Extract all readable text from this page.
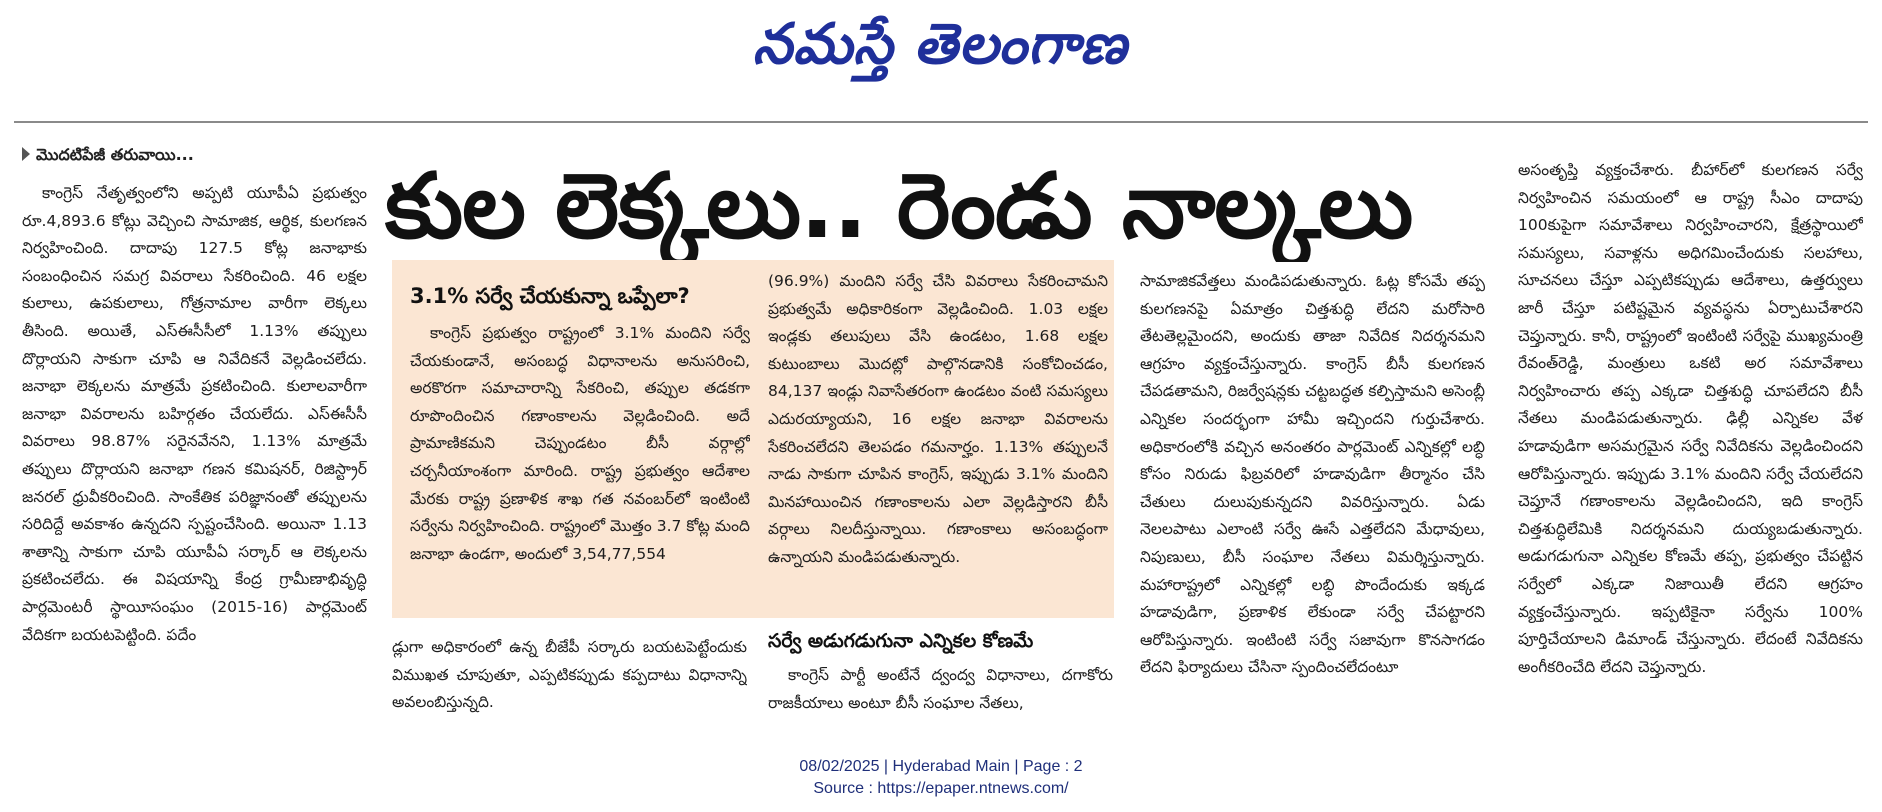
నమస్తే తెలంగాణ
మొదటిపేజీ తరువాయి...

కాంగ్రెస్ నేతృత్వంలోని అప్పటి యూపీఏ ప్రభుత్వం రూ.4,893.6 కోట్లు వెచ్చించి సామాజిక, ఆర్థిక, కులగణన నిర్వహించింది. దాదాపు 127.5 కోట్ల జనాభాకు సంబంధించిన సమగ్ర వివరాలు సేకరించింది. 46 లక్షల కులాలు, ఉపకులాలు, గోత్రనామాల వారీగా లెక్కలు తీసింది. అయితే, ఎస్ఈసీసీలో 1.13% తప్పులు దొర్లాయని సాకుగా చూపి ఆ నివేదికనే వెల్లడించలేదు. జనాభా లెక్కలను మాత్రమే ప్రకటించింది. కులాలవారీగా జనాభా వివరాలను బహిర్గతం చేయలేదు. ఎస్ఈసీసీ వివరాలు 98.87% సరైనవేనని, 1.13% మాత్రమే తప్పులు దొర్లాయని జనాభా గణన కమిషనర్, రిజిస్ట్రార్ జనరల్ ధ్రువీకరించింది. సాంకేతిక పరిజ్ఞానంతో తప్పులను సరిదిద్దే అవకాశం ఉన్నదని స్పష్టంచేసింది. అయినా 1.13 శాతాన్ని సాకుగా చూపి యూపీఏ సర్కార్ ఆ లెక్కలను ప్రకటించలేదు. ఈ విషయాన్ని కేంద్ర గ్రామీణాభివృద్ధి పార్లమెంటరీ స్థాయీసంఘం (2015-16) పార్లమెంట్ వేదికగా బయటపెట్టింది. పదేం

కుల లెక్కలు.. రెండు నాల్కలు
3.1% సర్వే చేయకున్నా ఒప్పేలా?

కాంగ్రెస్ ప్రభుత్వం రాష్ట్రంలో 3.1% మందిని సర్వే చేయకుండానే, అసంబద్ధ విధానాలను అనుసరించి, అరకొరగా సమాచారాన్ని సేకరించి, తప్పుల తడకగా రూపొందించిన గణాంకాలను వెల్లడించింది. అదే ప్రామాణికమని చెప్పుండటం బీసీ వర్గాల్లో చర్చనీయాంశంగా మారింది. రాష్ట్ర ప్రభుత్వం ఆదేశాల మేరకు రాష్ట్ర ప్రణాళిక శాఖ గత నవంబర్‌లో ఇంటింటి సర్వేను నిర్వహించింది. రాష్ట్రంలో మొత్తం 3.7 కోట్ల మంది జనాభా ఉండగా, అందులో 3,54,77,554

(96.9%) మందిని సర్వే చేసి వివరాలు సేకరించామని ప్రభుత్వమే అధికారికంగా వెల్లడించింది. 1.03 లక్షల ఇండ్లకు తలుపులు వేసి ఉండటం, 1.68 లక్షల కుటుంబాలు మొదట్లో పాల్గొనడానికి సంకోచించడం, 84,137 ఇండ్లు నివాసేతరంగా ఉండటం వంటి సమస్యలు ఎదురయ్యాయని, 16 లక్షల జనాభా వివరాలను సేకరించలేదని తెలపడం గమనార్హం. 1.13% తప్పులనే నాడు సాకుగా చూపిన కాంగ్రెస్, ఇప్పుడు 3.1% మందిని మినహాయించిన గణాంకాలను ఎలా వెల్లడిస్తారని బీసీ వర్గాలు నిలదీస్తున్నాయి. గణాంకాలు అసంబద్ధంగా ఉన్నాయని మండిపడుతున్నారు.

డ్లుగా అధికారంలో ఉన్న బీజేపీ సర్కారు బయటపెట్టేందుకు విముఖత చూపుతూ, ఎప్పటికప్పుడు కప్పదాటు విధానాన్ని అవలంబిస్తున్నది.

సర్వే అడుగడుగునా ఎన్నికల కోణమే

కాంగ్రెస్ పార్టీ అంటేనే ద్వంద్వ విధానాలు, దగాకోరు రాజకీయాలు అంటూ బీసీ సంఘాల నేతలు,

సామాజికవేత్తలు మండిపడుతున్నారు. ఓట్ల కోసమే తప్ప కులగణనపై ఏమాత్రం చిత్తశుద్ధి లేదని మరోసారి తేటతెల్లమైందని, అందుకు తాజా నివేదిక నిదర్శనమని ఆగ్రహం వ్యక్తంచేస్తున్నారు. కాంగ్రెస్ బీసీ కులగణన చేపడతామని, రిజర్వేషన్లకు చట్టబద్ధత కల్పిస్తామని అసెంబ్లీ ఎన్నికల సందర్భంగా హామీ ఇచ్చిందని గుర్తుచేశారు. అధికారంలోకి వచ్చిన అనంతరం పార్లమెంట్ ఎన్నికల్లో లబ్ధి కోసం నిరుడు ఫిబ్రవరిలో హడావుడిగా తీర్మానం చేసి చేతులు దులుపుకున్నదని వివరిస్తున్నారు. ఏడు నెలలపాటు ఎలాంటి సర్వే ఊసే ఎత్తలేదని మేధావులు, నిపుణులు, బీసీ సంఘాల నేతలు విమర్శిస్తున్నారు. మహారాష్ట్రలో ఎన్నికల్లో లబ్ధి పొందేందుకు ఇక్కడ హడావుడిగా, ప్రణాళిక లేకుండా సర్వే చేపట్టారని ఆరోపిస్తున్నారు. ఇంటింటి సర్వే సజావుగా కొనసాగడం లేదని ఫిర్యాదులు చేసినా స్పందించలేదంటూ

అసంతృప్తి వ్యక్తంచేశారు. బీహార్‌లో కులగణన సర్వే నిర్వహించిన సమయంలో ఆ రాష్ట్ర సీఎం దాదాపు 100కుపైగా సమావేశాలు నిర్వహించారని, క్షేత్రస్థాయిలో సమస్యలు, సవాళ్లను అధిగమించేందుకు సలహాలు, సూచనలు చేస్తూ ఎప్పటికప్పుడు ఆదేశాలు, ఉత్తర్వులు జారీ చేస్తూ పటిష్టమైన వ్యవస్థను ఏర్పాటుచేశారని చెప్తున్నారు. కానీ, రాష్ట్రంలో ఇంటింటి సర్వేపై ముఖ్యమంత్రి రేవంత్‌రెడ్డి, మంత్రులు ఒకటి అర సమావేశాలు నిర్వహించారు తప్ప ఎక్కడా చిత్తశుద్ధి చూపలేదని బీసీ నేతలు మండిపడుతున్నారు. ఢిల్లీ ఎన్నికల వేళ హడావుడిగా అసమగ్రమైన సర్వే నివేదికను వెల్లడించిందని ఆరోపిస్తున్నారు. ఇప్పుడు 3.1% మందిని సర్వే చేయలేదని చెప్తూనే గణాంకాలను వెల్లడించిందని, ఇది కాంగ్రెస్ చిత్తశుద్ధిలేమికి నిదర్శనమని దుయ్యబడుతున్నారు. అడుగడుగునా ఎన్నికల కోణమే తప్ప, ప్రభుత్వం చేపట్టిన సర్వేలో ఎక్కడా నిజాయితీ లేదని ఆగ్రహం వ్యక్తంచేస్తున్నారు. ఇప్పటికైనా సర్వేను 100% పూర్తిచేయాలని డిమాండ్ చేస్తున్నారు. లేదంటే నివేదికను అంగీకరించేది లేదని చెప్తున్నారు.

08/02/2025 | Hyderabad Main | Page : 2
Source : https://epaper.ntnews.com/
